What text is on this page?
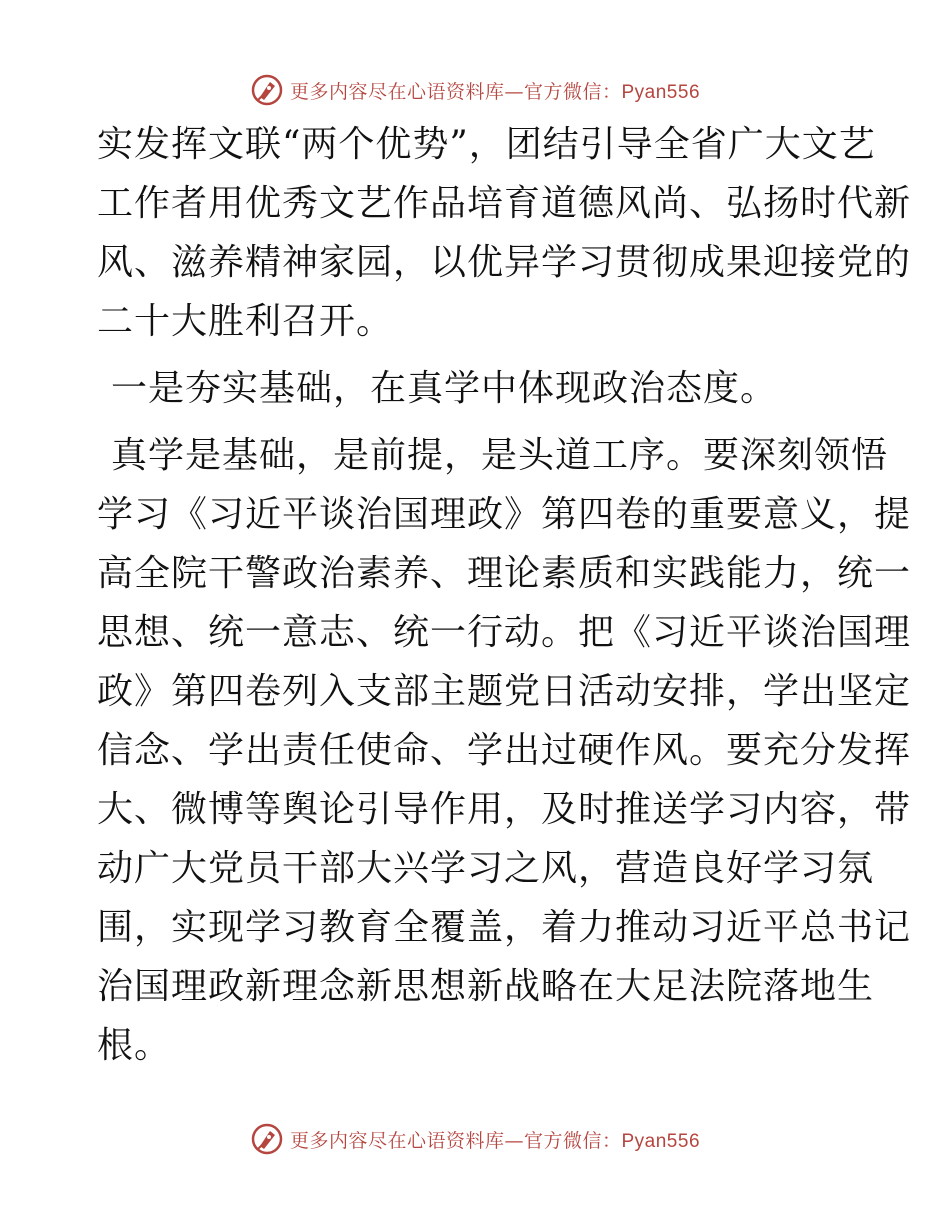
更多内容尽在心语资料库—官方微信：Pyan556
实发挥文联“两个优势”，团结引导全省广大文艺
工作者用优秀文艺作品培育道德风尚、弘扬时代新
风、滋养精神家园，以优异学习贯彻成果迎接党的
二十大胜利召开。
一是夯实基础，在真学中体现政治态度。
真学是基础，是前提，是头道工序。要深刻领悟
学习《习近平谈治国理政》第四卷的重要意义，提
高全院干警政治素养、理论素质和实践能力，统一
思想、统一意志、统一行动。把《习近平谈治国理
政》第四卷列入支部主题党日活动安排，学出坚定
信念、学出责任使命、学出过硬作风。要充分发挥
大、微博等舆论引导作用，及时推送学习内容，带
动广大党员干部大兴学习之风，营造良好学习氛
围，实现学习教育全覆盖，着力推动习近平总书记
治国理政新理念新思想新战略在大足法院落地生
根。
更多内容尽在心语资料库—官方微信：Pyan556
